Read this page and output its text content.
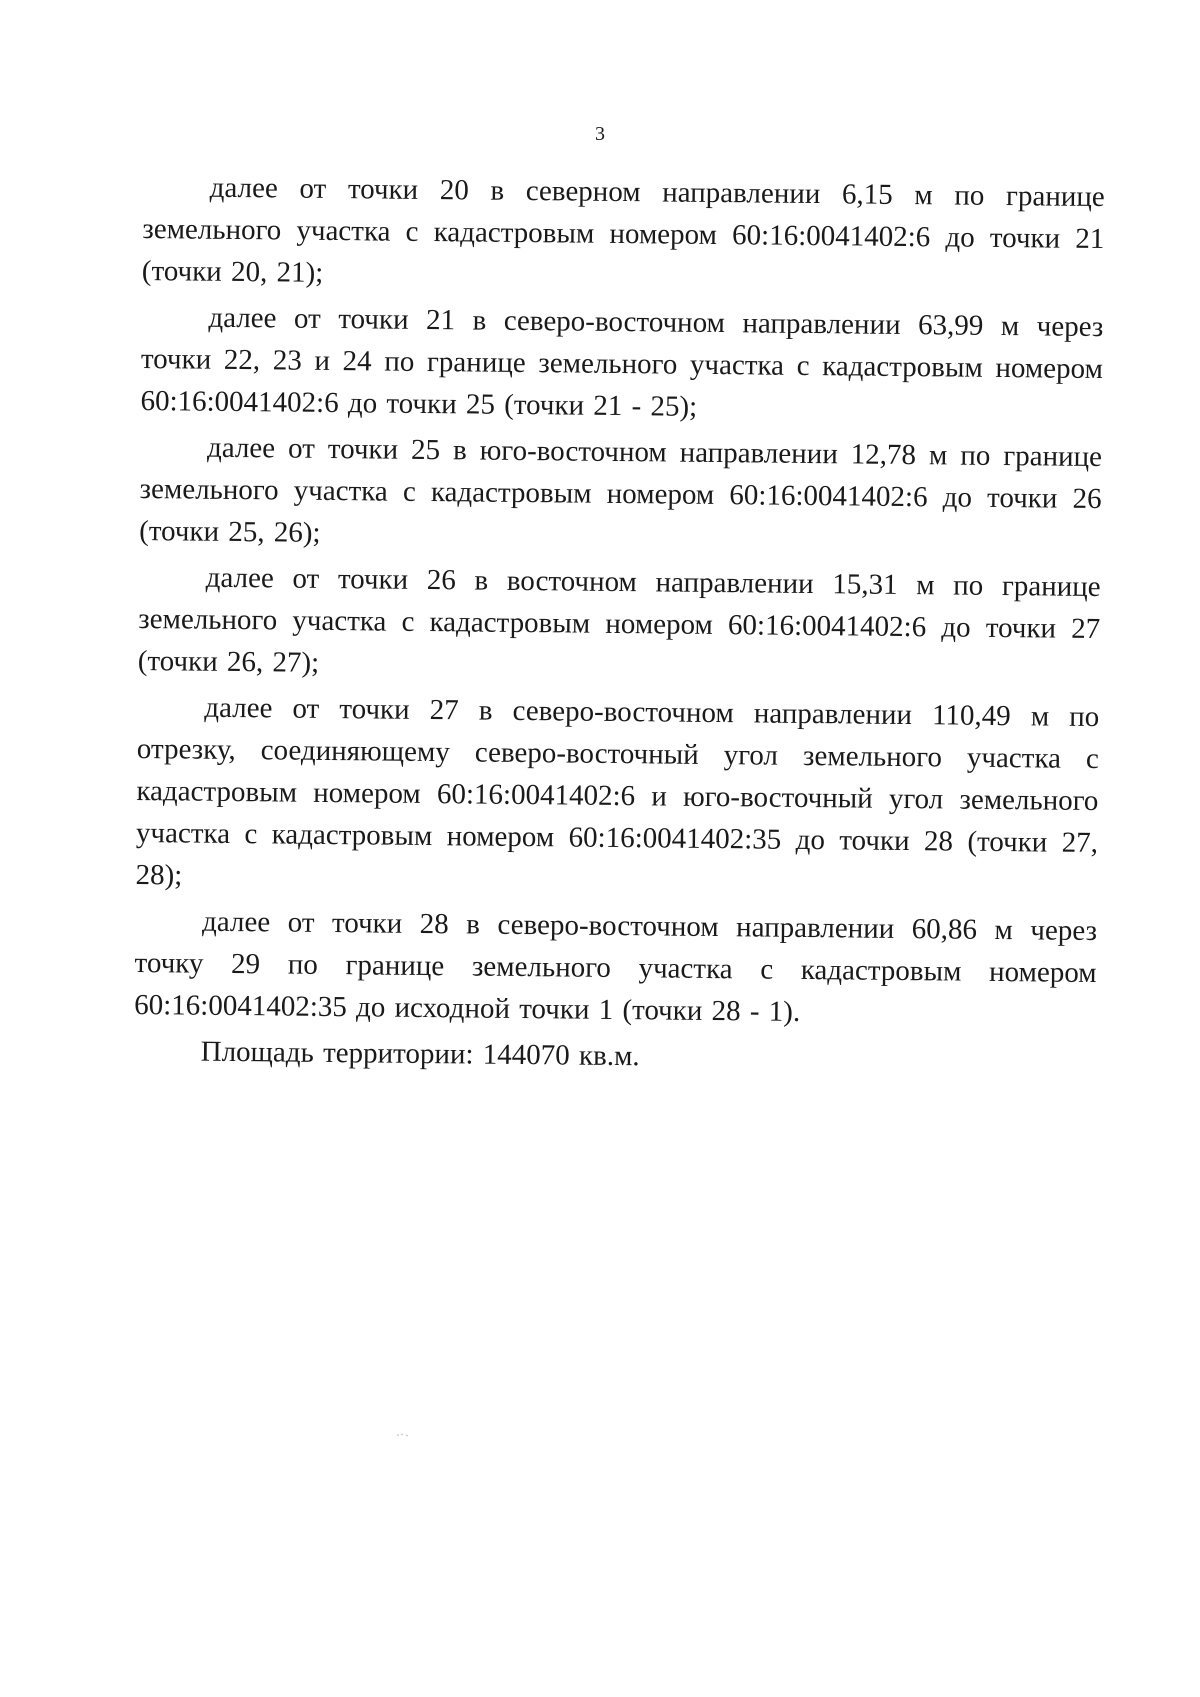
3

далее от точки 20 в северном направлении 6,15 м по границе земельного участка с кадастровым номером 60:16:0041402:6 до точки 21 (точки 20, 21);

далее от точки 21 в северо-восточном направлении 63,99 м через точки 22, 23 и 24 по границе земельного участка с кадастровым номером 60:16:0041402:6 до точки 25 (точки 21 - 25);

далее от точки 25 в юго-восточном направлении 12,78 м по границе земельного участка с кадастровым номером 60:16:0041402:6 до точки 26 (точки 25, 26);

далее от точки 26 в восточном направлении 15,31 м по границе земельного участка с кадастровым номером 60:16:0041402:6 до точки 27 (точки 26, 27);

далее от точки 27 в северо-восточном направлении 110,49 м по отрезку, соединяющему северо-восточный угол земельного участка с кадастровым номером 60:16:0041402:6 и юго-восточный угол земельного участка с кадастровым номером 60:16:0041402:35 до точки 28 (точки 27, 28);

далее от точки 28 в северо-восточном направлении 60,86 м через точку 29 по границе земельного участка с кадастровым номером 60:16:0041402:35 до исходной точки 1 (точки 28 - 1).

Площадь территории: 144070 кв.м.
